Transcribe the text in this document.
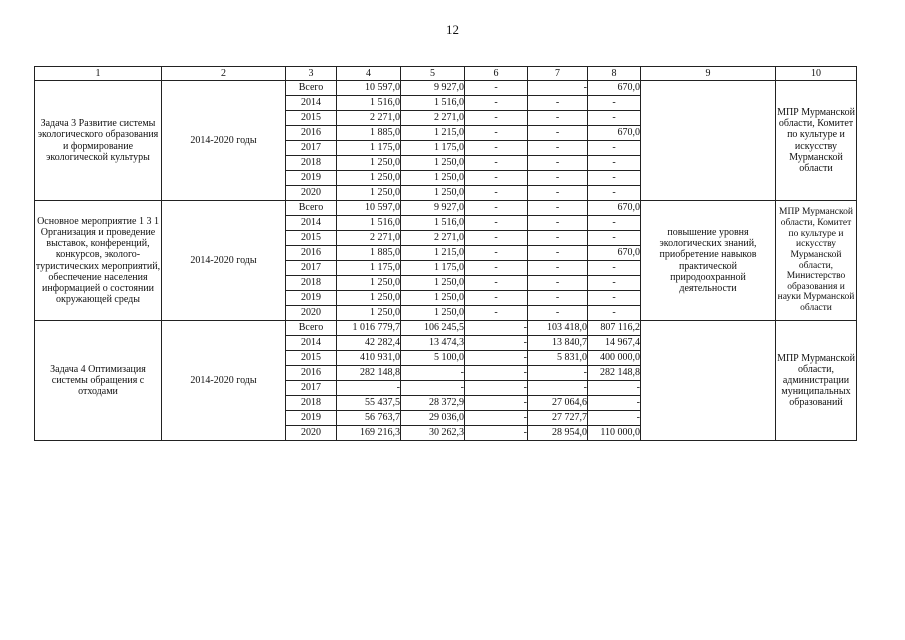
12
1	2	3	4	5	6	7	8	9	10
Задача 3 Развитие системы экологического образования и формирование экологической культуры	2014-2020 годы	Всего	10 597,0	9 927,0	-	-	670,0		МПР Мурманской области, Комитет по культуре и искусству Мурманской области
		2014	1 516,0	1 516,0	-	-	-		
		2015	2 271,0	2 271,0	-	-	-		
		2016	1 885,0	1 215,0	-	-	670,0		
		2017	1 175,0	1 175,0	-	-	-		
		2018	1 250,0	1 250,0	-	-	-		
		2019	1 250,0	1 250,0	-	-	-		
		2020	1 250,0	1 250,0	-	-	-		
Основное мероприятие 1 3 1 Организация и проведение выставок, конференций, конкурсов, эколого-туристических мероприятий, обеспечение населения информацией о состоянии окружающей среды	2014-2020 годы	Всего	10 597,0	9 927,0	-	-	670,0	повышение уровня экологических знаний, приобретение навыков практической природоохранной деятельности	МПР Мурманской области, Комитет по культуре и искусству Мурманской области, Министерство образования и науки Мурманской области
		2014	1 516,0	1 516,0	-	-	-		
		2015	2 271,0	2 271,0	-	-	-		
		2016	1 885,0	1 215,0	-	-	670,0		
		2017	1 175,0	1 175,0	-	-	-		
		2018	1 250,0	1 250,0	-	-	-		
		2019	1 250,0	1 250,0	-	-	-		
		2020	1 250,0	1 250,0	-	-	-		
Задача 4 Оптимизация системы обращения с отходами	2014-2020 годы	Всего	1 016 779,7	106 245,5	-	103 418,0	807 116,2		МПР Мурманской области, администрации муниципальных образований
		2014	42 282,4	13 474,3	-	13 840,7	14 967,4		
		2015	410 931,0	5 100,0	-	5 831,0	400 000,0		
		2016	282 148,8	-	-	-	282 148,8		
		2017	-	-	-	-	-		
		2018	55 437,5	28 372,9	-	27 064,6	-		
		2019	56 763,7	29 036,0	-	27 727,7	-		
		2020	169 216,3	30 262,3	-	28 954,0	110 000,0		
